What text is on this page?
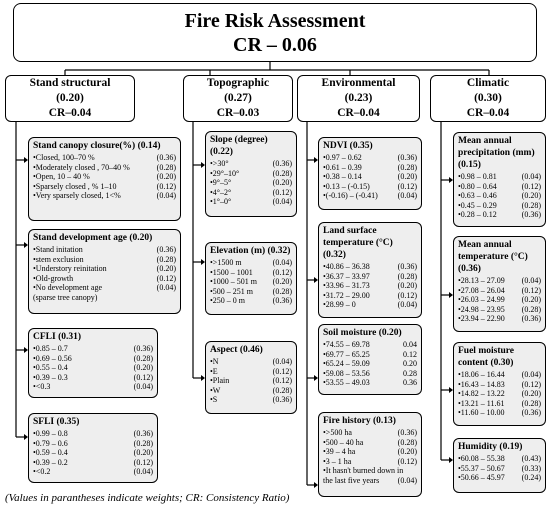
Fire Risk Assessment
CR – 0.06
Stand structural
(0.20)
CR–0.04
Topographic
(0.27)
CR–0.03
Environmental
(0.23)
CR–0.04
Climatic
(0.30)
CR–0.04
Stand canopy closure(%) (0.14)
•Closed, 100–70 %	(0.36)
•Moderately closed , 70–40 %	(0.28)
•Open, 10 – 40 %	(0.20)
•Sparsely closed , % 1–10	(0.12)
•Very sparsely closed, 1<%	(0.04)
Stand development age (0.20)
•Stand initation	(0.36)
•stem exclusion	(0.28)
•Understory reinitation	(0.20)
•Old-growth	(0.12)
•No development age	(0.04)
(sparse tree canopy)
CFLI (0.31)
•0.85 – 0.7	(0.36)
•0.69 – 0.56	(0.28)
•0.55 – 0.4	(0.20)
•0.39 – 0.3	(0.12)
•<0.3	(0.04)
SFLI (0.35)
•0.99 – 0.8	(0.36)
•0.79 – 0.6	(0.28)
•0.59 – 0.4	(0.20)
•0.39 – 0.2	(0.12)
•<0.2	(0.04)
Slope (degree)
(0.22)
•>30°	(0.36)
•29°–10°	(0.28)
•9°–5°	(0.20)
•4°–2°	(0.12)
•1°–0°	(0.04)
Elevation (m) (0.32)
•>1500 m	(0.04)
•1500 – 1001 (0.12)
•1000 – 501 m (0.20)
•500 – 251 m (0.28)
•250 – 0 m	(0.36)
Aspect (0.46)
•N	(0.04)
•E	(0.12)
•Plain	(0.12)
•W	(0.28)
•S	(0.36)
NDVI (0.35)
•0.97 – 0.62	(0.36)
•0.61 – 0.39	(0.28)
•0.38 – 0.14	(0.20)
•0.13 – (-0.15)	(0.12)
•(-0.16) – (-0.41) (0.04)
Land surface
temperature (°C)
(0.32)
•40.86 – 36.38	(0.36)
•36.37 – 33.97	(0.28)
•33.96 – 31.73	(0.20)
•31.72 – 29.00	(0.12)
•28.99 – 0	(0.04)
Soil moisture (0.20)
•74.55 – 69.78	0.04
•69.77 – 65.25	0.12
•65.24 – 59.09	0.20
•59.08 – 53.56	0.28
•53.55 – 49.03	0.36
Fire history (0.13)
•>500 ha	(0.36)
•500 – 40 ha	(0.28)
•39 – 4 ha	(0.20)
•3 – 1 ha	(0.12)
•It hasn't burned down in
the last five years (0.04)
Mean annual
precipitation (mm)
(0.15)
•0.98 – 0.81	(0.04)
•0.80 – 0.64	(0.12)
•0.63 – 0.46	(0.20)
•0.45 – 0.29	(0.28)
•0.28 – 0.12	(0.36)
Mean annual
temperature (°C)
(0.36)
•28.13 – 27.09 (0.04)
•27.08 – 26.04 (0.12)
•26.03 – 24.99 (0.20)
•24.98 – 23.95 (0.28)
•23.94 – 22.90 (0.36)
Fuel moisture
content (0.30)
•18.06 – 16.44 (0.04)
•16.43 – 14.83 (0.12)
•14.82 – 13.22 (0.20)
•13.21 – 11.61 (0.28)
•11.60 – 10.00 (0.36)
Humidity (0.19)
•60.08 – 55.38 (0.43)
•55.37 – 50.67 (0.33)
•50.66 – 45.97 (0.24)
(Values in parantheses indicate weights; CR: Consistency Ratio)
